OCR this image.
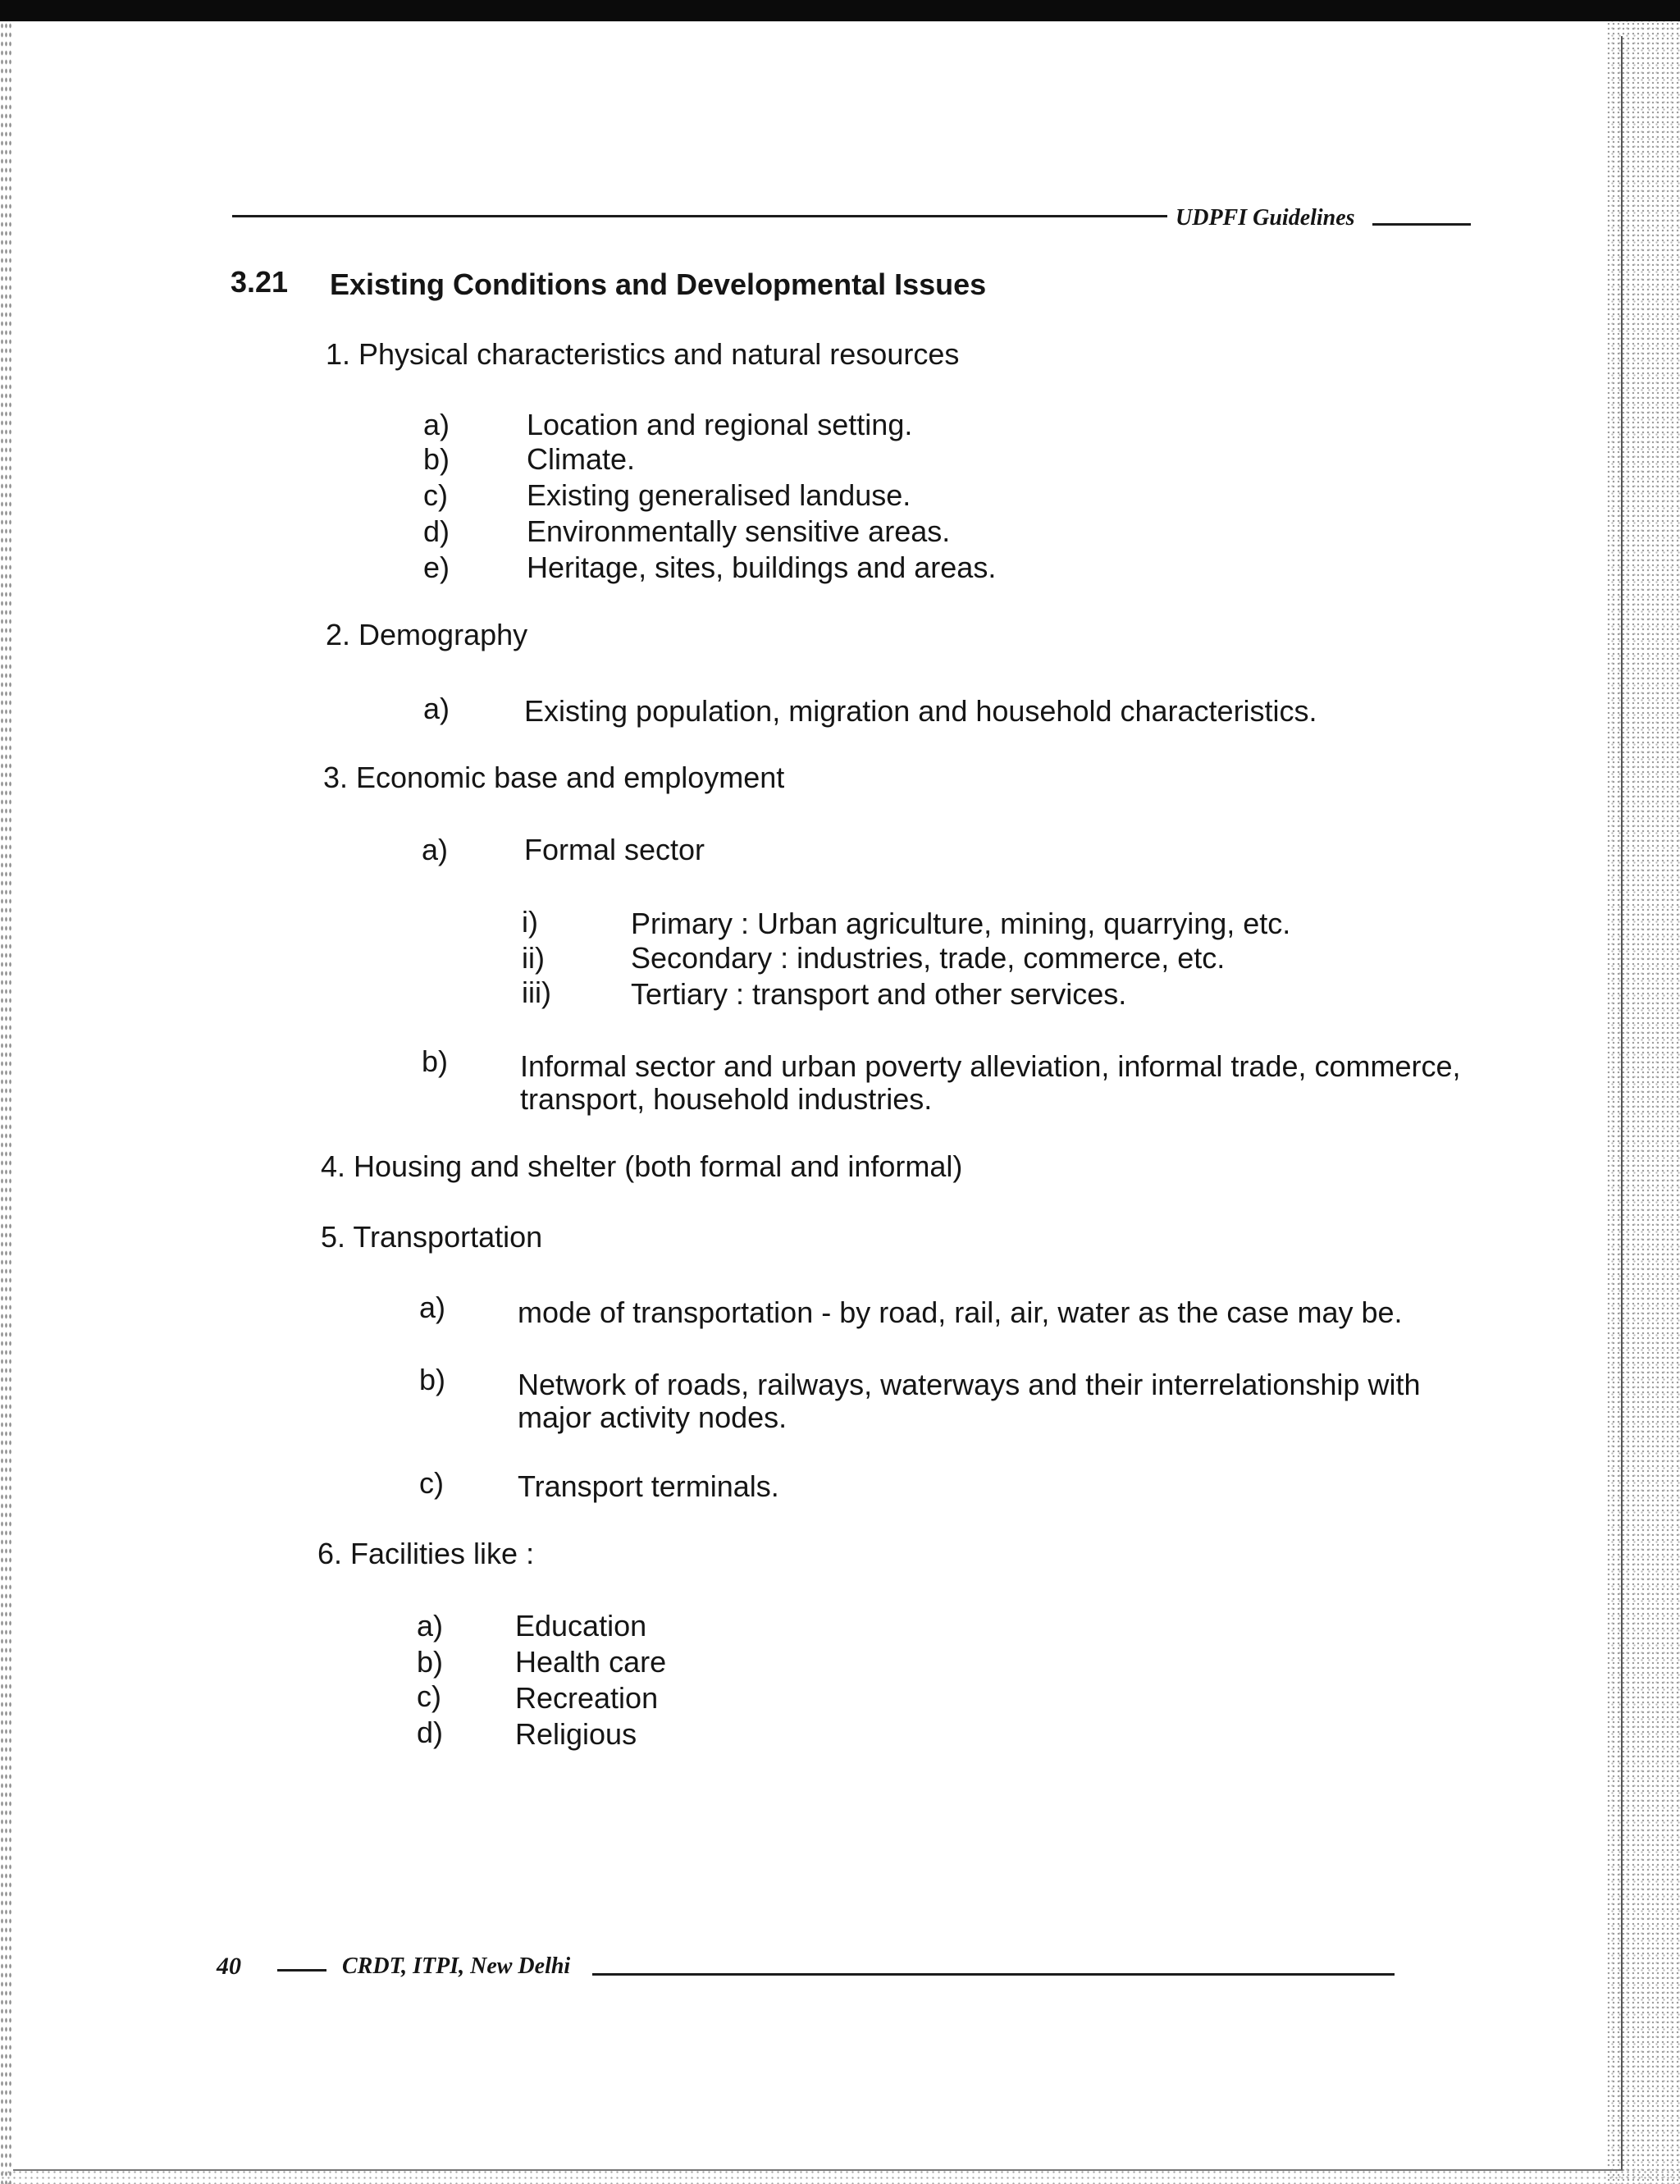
UDPFI Guidelines
3.21 Existing Conditions and Developmental Issues
1. Physical characteristics and natural resources
a)	Location and regional setting.
b)	Climate.
c)	Existing generalised landuse.
d)	Environmentally sensitive areas.
e)	Heritage, sites, buildings and areas.
2. Demography
a)	Existing population, migration and household characteristics.
3. Economic base and employment
a)	Formal sector
i)	Primary : Urban agriculture, mining, quarrying, etc.
ii)	Secondary : industries, trade, commerce, etc.
iii)	Tertiary : transport and other services.
b) Informal sector and urban poverty alleviation, informal trade, commerce,
transport, household industries.
4. Housing and shelter (both formal and informal)
5. Transportation
a) mode of transportation - by road, rail, air, water as the case may be.
b) Network of roads, railways, waterways and their interrelationship with
major activity nodes.
c)	Transport terminals.
6. Facilities like :
a) Education
b) Health care
c)	Recreation
d) Religious
40	CRDT, ITPI, New Delhi
